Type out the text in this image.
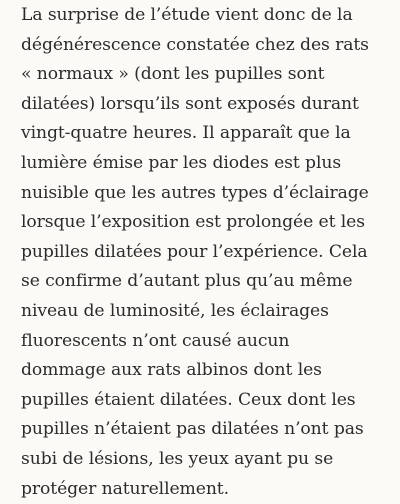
La surprise de l’étude vient donc de la
dégénérescence constatée chez des rats
« normaux » (dont les pupilles sont
dilatées) lorsqu’ils sont exposés durant
vingt-quatre heures. Il apparaît que la
lumière émise par les diodes est plus
nuisible que les autres types d’éclairage
lorsque l’exposition est prolongée et les
pupilles dilatées pour l’expérience. Cela
se confirme d’autant plus qu’au même
niveau de luminosité, les éclairages
fluorescents n’ont causé aucun
dommage aux rats albinos dont les
pupilles étaient dilatées. Ceux dont les
pupilles n’étaient pas dilatées n’ont pas
subi de lésions, les yeux ayant pu se
protéger naturellement.
